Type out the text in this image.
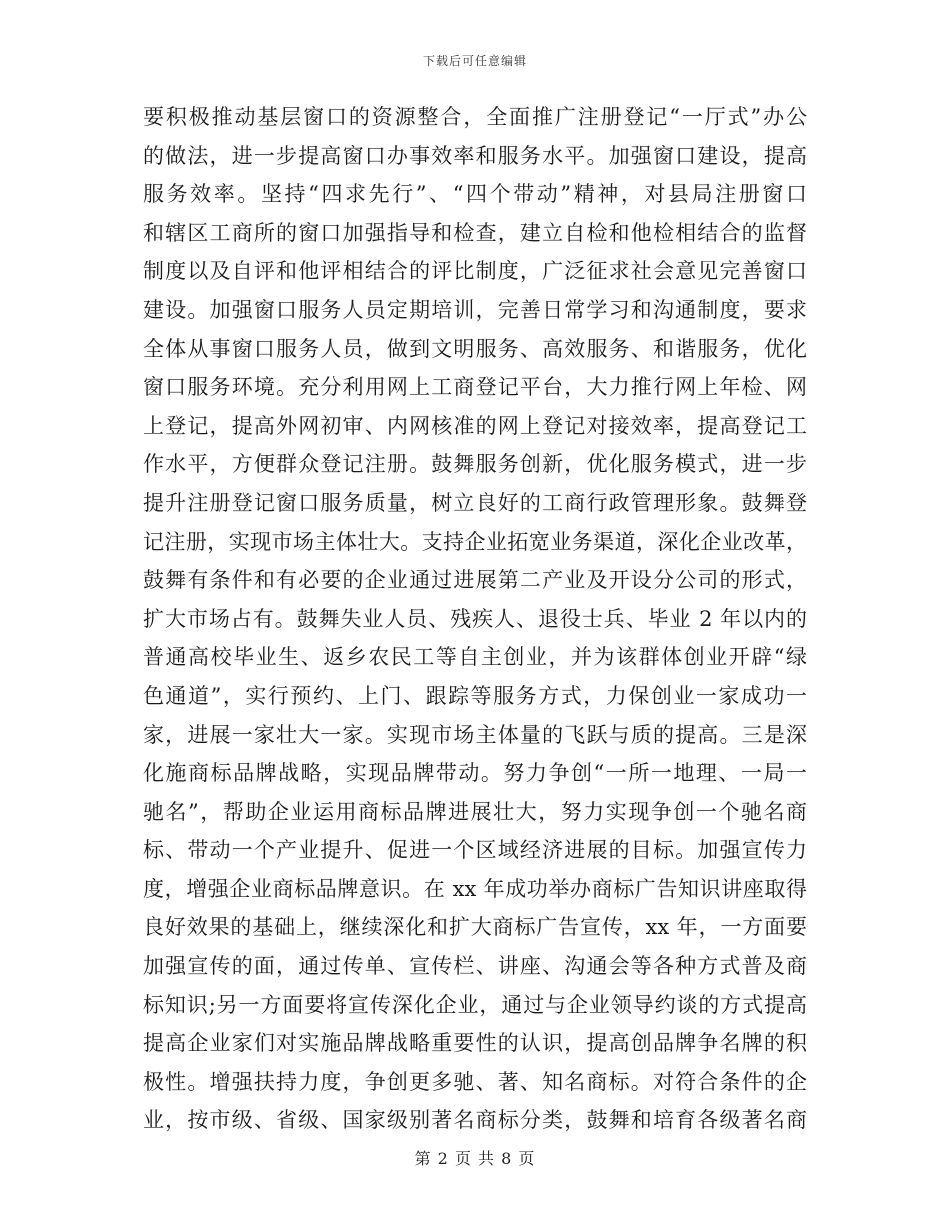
下载后可任意编辑
要积极推动基层窗口的资源整合，全面推广注册登记“一厅式”办公
的做法，进一步提高窗口办事效率和服务水平。加强窗口建设，提高
服务效率。坚持“四求先行”、“四个带动”精神，对县局注册窗口
和辖区工商所的窗口加强指导和检查，建立自检和他检相结合的监督
制度以及自评和他评相结合的评比制度，广泛征求社会意见完善窗口
建设。加强窗口服务人员定期培训，完善日常学习和沟通制度，要求
全体从事窗口服务人员，做到文明服务、高效服务、和谐服务，优化
窗口服务环境。充分利用网上工商登记平台，大力推行网上年检、网
上登记，提高外网初审、内网核准的网上登记对接效率，提高登记工
作水平，方便群众登记注册。鼓舞服务创新，优化服务模式，进一步
提升注册登记窗口服务质量，树立良好的工商行政管理形象。鼓舞登
记注册，实现市场主体壮大。支持企业拓宽业务渠道，深化企业改革，
鼓舞有条件和有必要的企业通过进展第二产业及开设分公司的形式，
扩大市场占有。鼓舞失业人员、残疾人、退役士兵、毕业 2 年以内的
普通高校毕业生、返乡农民工等自主创业，并为该群体创业开辟“绿
色通道”，实行预约、上门、跟踪等服务方式，力保创业一家成功一
家，进展一家壮大一家。实现市场主体量的飞跃与质的提高。三是深
化施商标品牌战略，实现品牌带动。努力争创“一所一地理、一局一
驰名”，帮助企业运用商标品牌进展壮大，努力实现争创一个驰名商
标、带动一个产业提升、促进一个区域经济进展的目标。加强宣传力
度，增强企业商标品牌意识。在 xx 年成功举办商标广告知识讲座取得
良好效果的基础上，继续深化和扩大商标广告宣传，xx 年，一方面要
加强宣传的面，通过传单、宣传栏、讲座、沟通会等各种方式普及商
标知识;另一方面要将宣传深化企业，通过与企业领导约谈的方式提高
提高企业家们对实施品牌战略重要性的认识，提高创品牌争名牌的积
极性。增强扶持力度，争创更多驰、著、知名商标。对符合条件的企
业，按市级、省级、国家级别著名商标分类，鼓舞和培育各级著名商
第 2 页 共 8 页
